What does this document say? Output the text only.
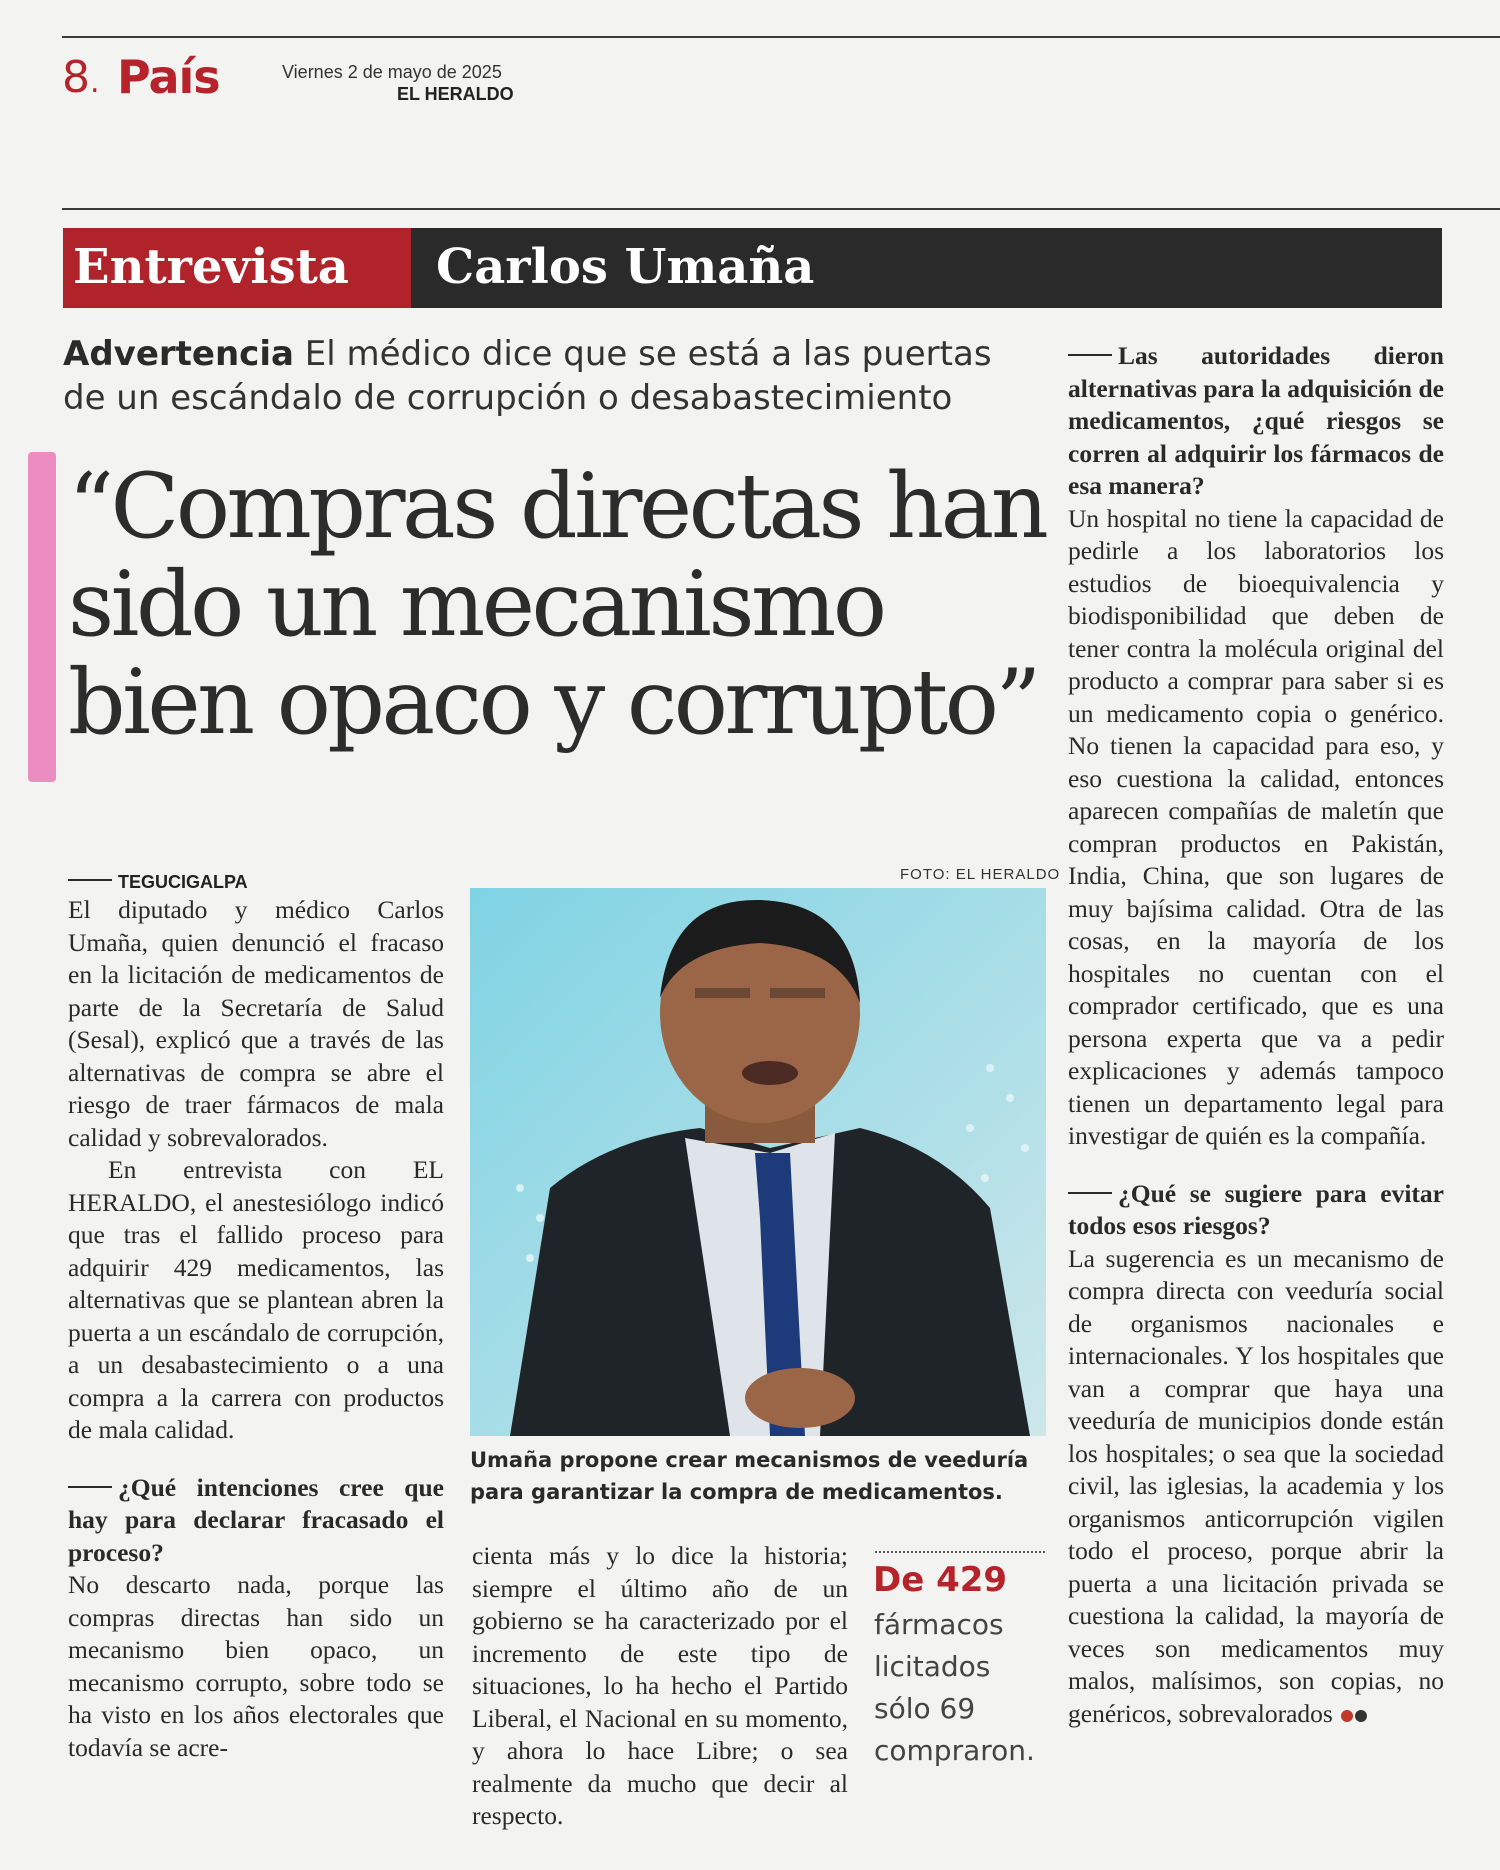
8. País	Viernes 2 de mayo de 2025
EL HERALDO
Entrevista Carlos Umaña
Advertencia El médico dice que se está a las puertas de un escándalo de corrupción o desabastecimiento
“Compras directas han
sido un mecanismo
bien opaco y corrupto”

TEGUCIGALPA

El diputado y médico Carlos Umaña, quien denunció el fracaso en la licitación de medicamentos de parte de la Secretaría de Salud (Sesal), explicó que a través de las alternativas de compra se abre el riesgo de traer fármacos de mala calidad y sobrevalorados.

En entrevista con EL HERALDO, el anestesiólogo indicó que tras el fallido proceso para adquirir 429 medicamentos, las alternativas que se plantean abren la puerta a un escándalo de corrupción, a un desabastecimiento o a una compra a la carrera con productos de mala calidad.

¿Qué intenciones cree que hay para declarar fracasado el proceso?

No descarto nada, porque las compras directas han sido un mecanismo bien opaco, un mecanismo corrupto, sobre todo se ha visto en los años electorales que todavía se acre-

FOTO: EL HERALDO
Umaña propone crear mecanismos de veeduría para garantizar la compra de medicamentos.

cienta más y lo dice la historia; siempre el último año de un gobierno se ha caracterizado por el incremento de este tipo de situaciones, lo ha hecho el Partido Liberal, el Nacional en su momento, y ahora lo hace Libre; o sea realmente da mucho que decir al respecto.

De 429
fármacos licitados sólo 69 compraron.

Las autoridades dieron alternativas para la adquisición de medicamentos, ¿qué riesgos se corren al adquirir los fármacos de esa manera?

Un hospital no tiene la capacidad de pedirle a los laboratorios los estudios de bioequivalencia y biodisponibilidad que deben de tener contra la molécula original del producto a comprar para saber si es un medicamento copia o genérico. No tienen la capacidad para eso, y eso cuestiona la calidad, entonces aparecen compañías de maletín que compran productos en Pakistán, India, China, que son lugares de muy bajísima calidad. Otra de las cosas, en la mayoría de los hospitales no cuentan con el comprador certificado, que es una persona experta que va a pedir explicaciones y además tampoco tienen un departamento legal para investigar de quién es la compañía.

¿Qué se sugiere para evitar todos esos riesgos?

La sugerencia es un mecanismo de compra directa con veeduría social de organismos nacionales e internacionales. Y los hospitales que van a comprar que haya una veeduría de municipios donde están los hospitales; o sea que la sociedad civil, las iglesias, la academia y los organismos anticorrupción vigilen todo el proceso, porque abrir la puerta a una licitación privada se cuestiona la calidad, la mayoría de veces son medicamentos muy malos, malísimos, son copias, no genéricos, sobrevalorados
